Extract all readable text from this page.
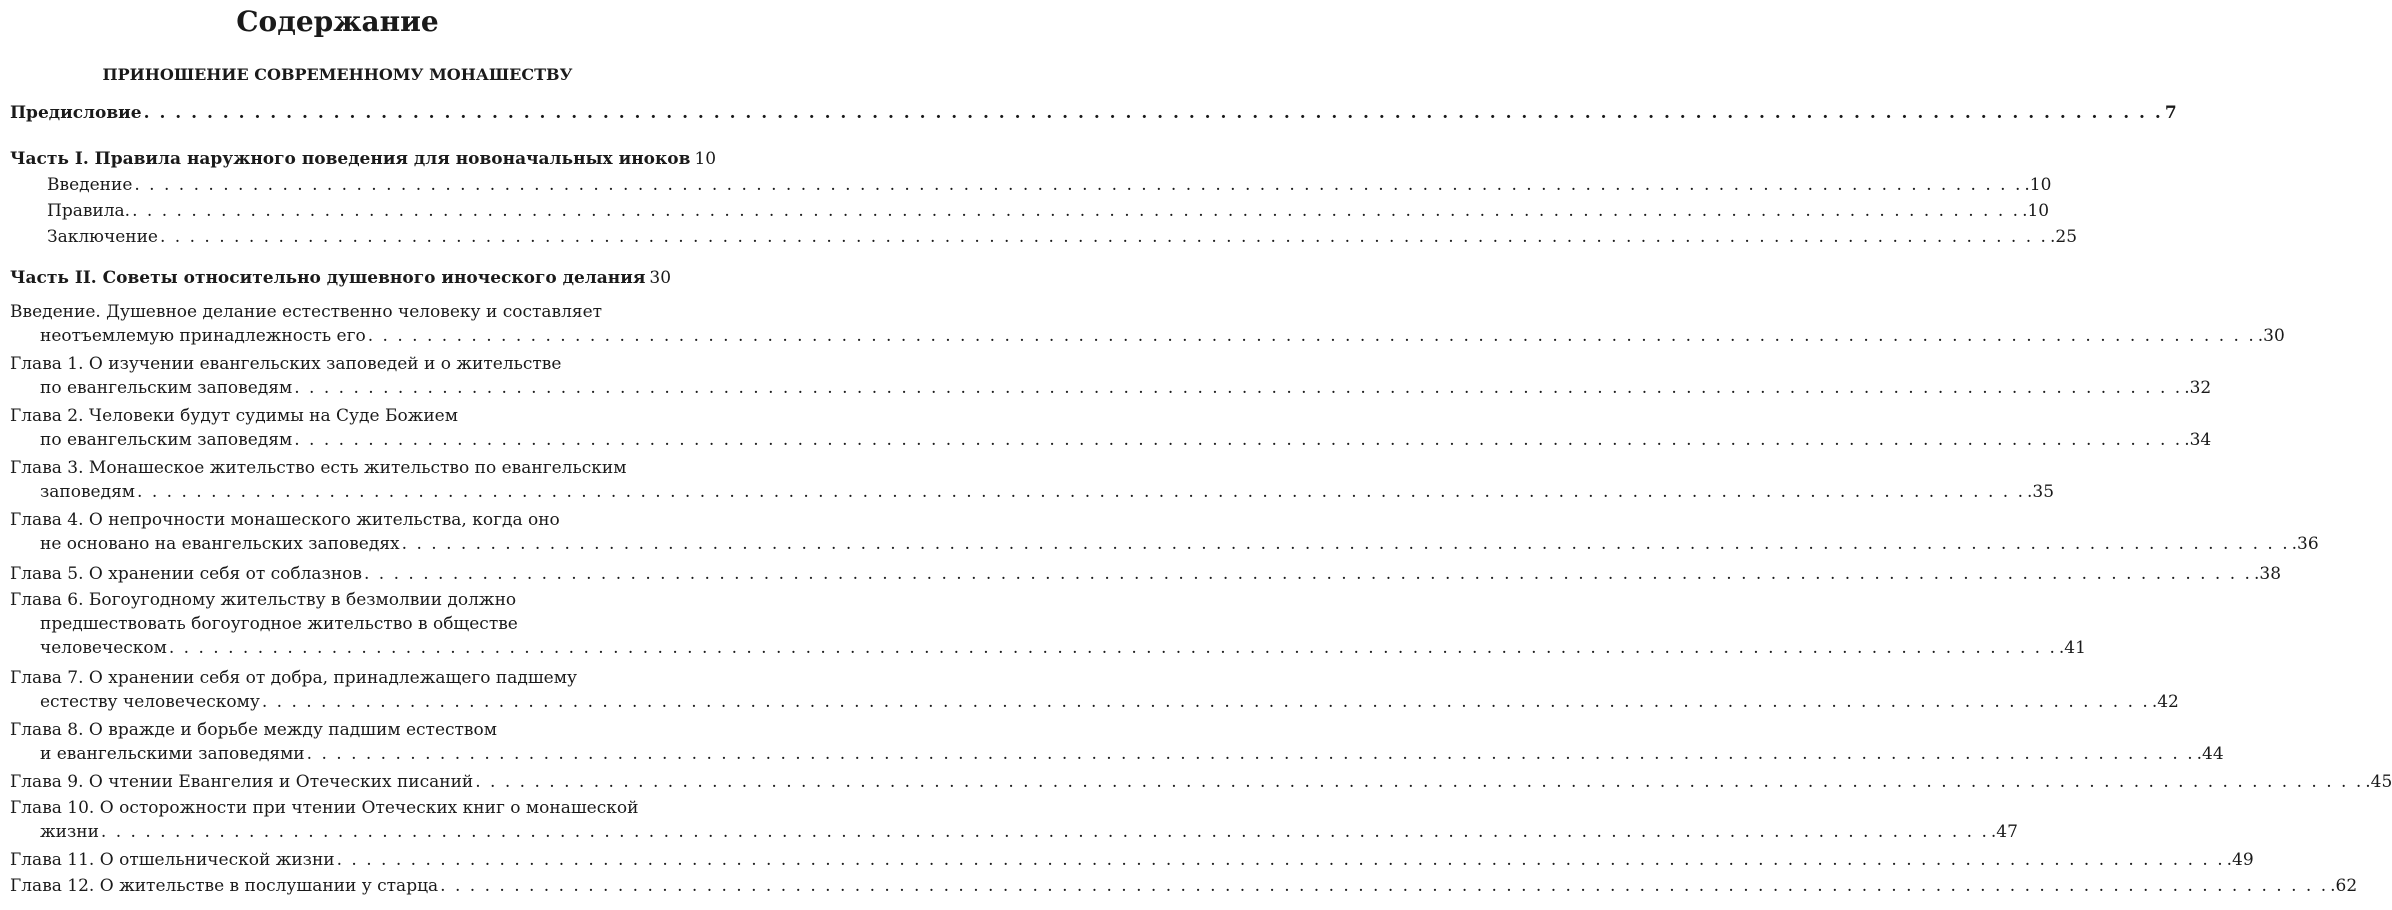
Содержание
ПРИНОШЕНИЕ СОВРЕМЕННОМУ МОНАШЕСТВУ
Предисловие . . .	7
Часть I. Правила наружного поведения для новоначальных иноков 10
Введение . . .	.10
Правила. . . .	.10
Заключение . . .	.25
Часть II. Советы относительно душевного иноческого делания 30
Введение. Душевное делание естественно человеку и составляет
неотъемлемую принадлежность его . . .	.30
Глава 1. О изучении евангельских заповедей и о жительстве
по евангельским заповедям . . .	.32
Глава 2. Человеки будут судимы на Суде Божием
по евангельским заповедям . . .	.34
Глава 3. Монашеское жительство есть жительство по евангельским
заповедям . . .	.35
Глава 4. О непрочности монашеского жительства, когда оно
не основано на евангельских заповедях . . .	.36
Глава 5. О хранении себя от соблазнов . . .	.38
Глава 6. Богоугодному жительству в безмолвии должно
предшествовать богоугодное жительство в обществе
человеческом . . .	.41
Глава 7. О хранении себя от добра, принадлежащего падшему
естеству человеческому . . .	.42
Глава 8. О вражде и борьбе между падшим естеством
и евангельскими заповедями . . .	.44
Глава 9. О чтении Евангелия и Отеческих писаний . . .	.45
Глава 10. О осторожности при чтении Отеческих книг о монашеской
жизни . . .	.47
Глава 11. О отшельнической жизни . . .	.49
Глава 12. О жительстве в послушании у старца . . .	.62
